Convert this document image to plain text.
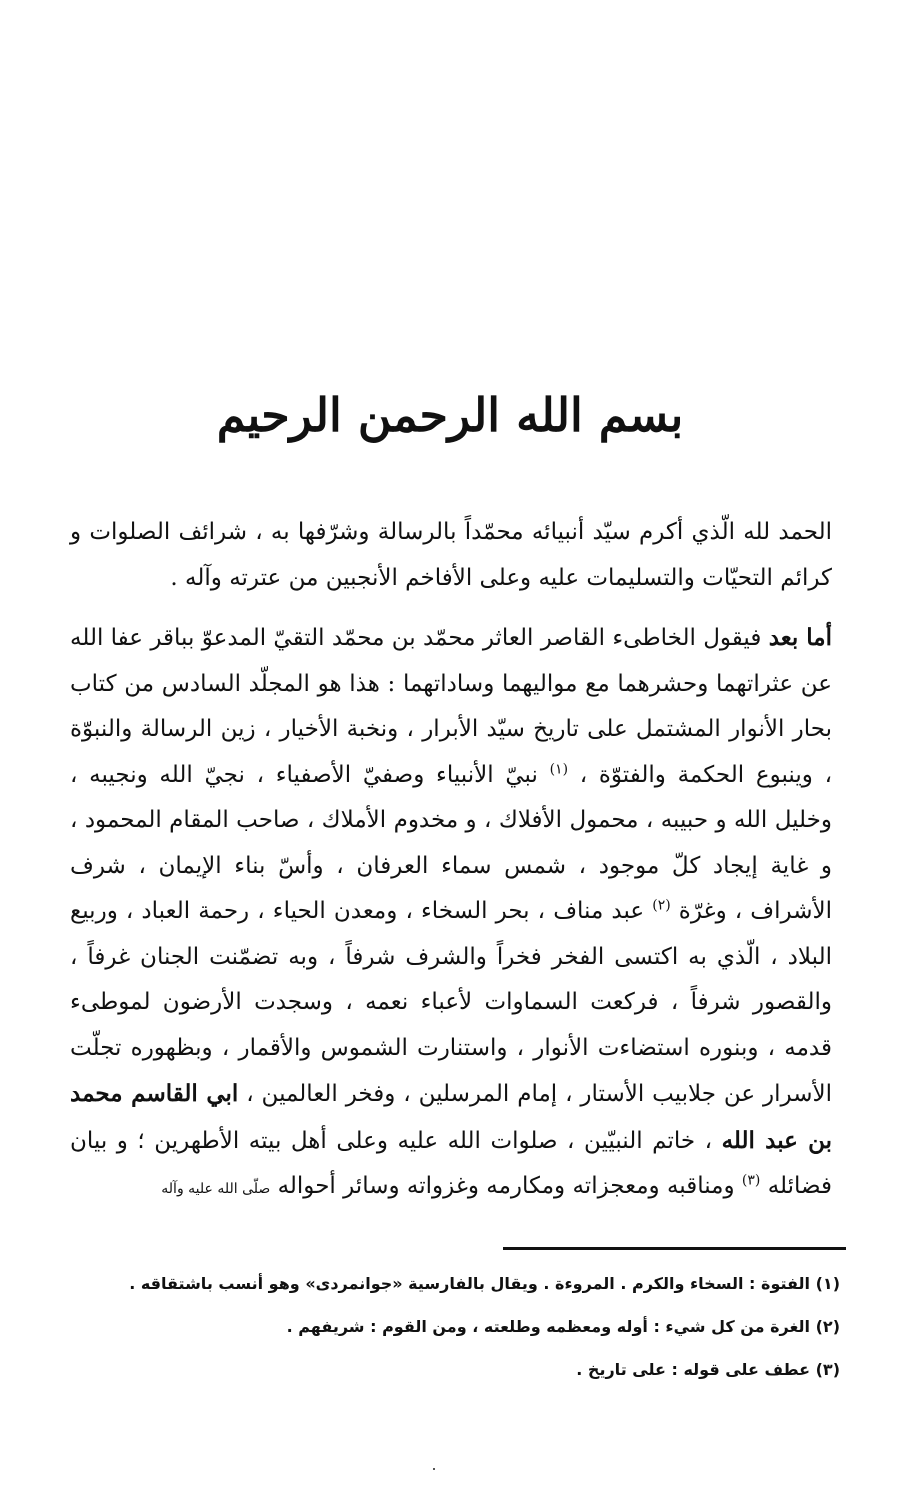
بسم الله الرحمن الرحيم

الحمد لله الّذي أكرم سيّد أنبيائه محمّداً بالرسالة وشرّفها به ، شرائف الصلوات و كرائم التحيّات والتسليمات عليه وعلى الأفاخم الأنجبين من عترته وآله .

أما بعد فيقول الخاطىء القاصر العاثر محمّد بن محمّد التقيّ المدعوّ بباقر عفا الله عن عثراتهما وحشرهما مع مواليهما وساداتهما : هذا هو المجلّد السادس من كتاب بحار الأنوار المشتمل على تاريخ سيّد الأبرار ، ونخبة الأخيار ، زين الرسالة والنبوّة ، وينبوع الحكمة والفتوّة ، $^{(١)}$ نبيّ الأنبياء وصفيّ الأصفياء ، نجيّ الله ونجيبه ، وخليل الله و حبيبه ، محمول الأفلاك ، و مخدوم الأملاك ، صاحب المقام المحمود ، و غاية إيجاد كلّ موجود ، شمس سماء العرفان ، وأسّ بناء الإيمان ، شرف الأشراف ، وغرّة $^{(٢)}$ عبد مناف ، بحر السخاء ، ومعدن الحياء ، رحمة العباد ، وربيع البلاد ، الّذي به اكتسى الفخر فخراً والشرف شرفاً ، وبه تضمّنت الجنان غرفاً ، والقصور شرفاً ، فركعت السماوات لأعباء نعمه ، وسجدت الأرضون لموطىء قدمه ، وبنوره استضاءت الأنوار ، واستنارت الشموس والأقمار ، وبظهوره تجلّت الأسرار عن جلابيب الأستار ، إمام المرسلين ، وفخر العالمين ، ابي القاسم محمد بن عبد الله ، خاتم النبيّين ، صلوات الله عليه وعلى أهل بيته الأطهرين ؛ و بيان فضائله $^{(٣)}$ ومناقبه ومعجزاته ومكارمه وغزواته وسائر أحواله صلّى الله عليه وآله

(١) الفتوة : السخاء والكرم . المروءة . ويقال بالفارسية «جوانمردى» وهو أنسب باشتقاقه .

(٢) الغرة من كل شيء : أوله ومعظمه وطلعته ، ومن القوم : شريفهم .

(٣) عطف على قوله : على تاريخ .
